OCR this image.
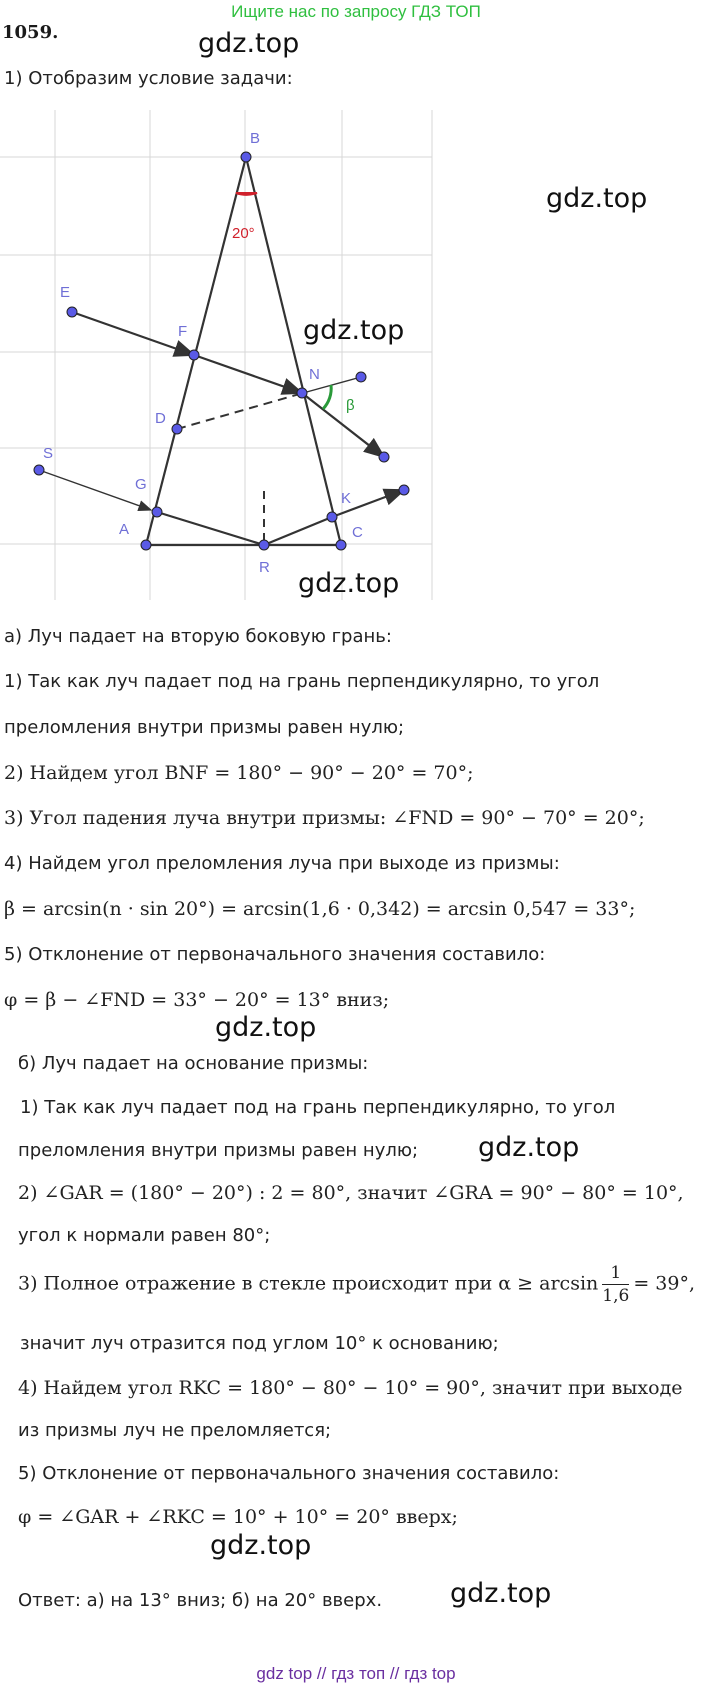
Ищите нас по запросу ГДЗ ТОП
1059.	gdz.top
1) Отобразим условие задачи:
gdz.top
B
E
F
N
D
S
G
K
A	C
R
20°
β
gdz.top
gdz.top
а) Луч падает на вторую боковую грань:
1) Так как луч падает под на грань перпендикулярно, то угол
преломления внутри призмы равен нулю;
2) Найдем угол BNF = 180° − 90° − 20° = 70°;
3) Угол падения луча внутри призмы: ∠FND = 90° − 70° = 20°;
4) Найдем угол преломления луча при выходе из призмы:
β = arcsin(n · sin 20°) = arcsin(1,6 · 0,342) = arcsin 0,547 = 33°;
5) Отклонение от первоначального значения составило:
φ = β − ∠FND = 33° − 20° = 13° вниз;
gdz.top
б) Луч падает на основание призмы:
1) Так как луч падает под на грань перпендикулярно, то угол
преломления внутри призмы равен нулю; gdz.top
2) ∠GAR = (180° − 20°) : 2 = 80°, значит ∠GRA = 90° − 80° = 10°,
угол к нормали равен 80°;
3) Полное отражение в стекле происходит при $\alpha \ge \arcsin \frac{1}{1,6} = 39^\circ$,
значит луч отразится под углом 10° к основанию;
4) Найдем угол RKC = 180° − 80° − 10° = 90°, значит при выходе
из призмы луч не преломляется;
5) Отклонение от первоначального значения составило:
φ = ∠GAR + ∠RKC = 10° + 10° = 20° вверх;
gdz.top
Ответ: а) на 13° вниз; б) на 20° вверх.	gdz.top
gdz top // гдз топ // гдз top
